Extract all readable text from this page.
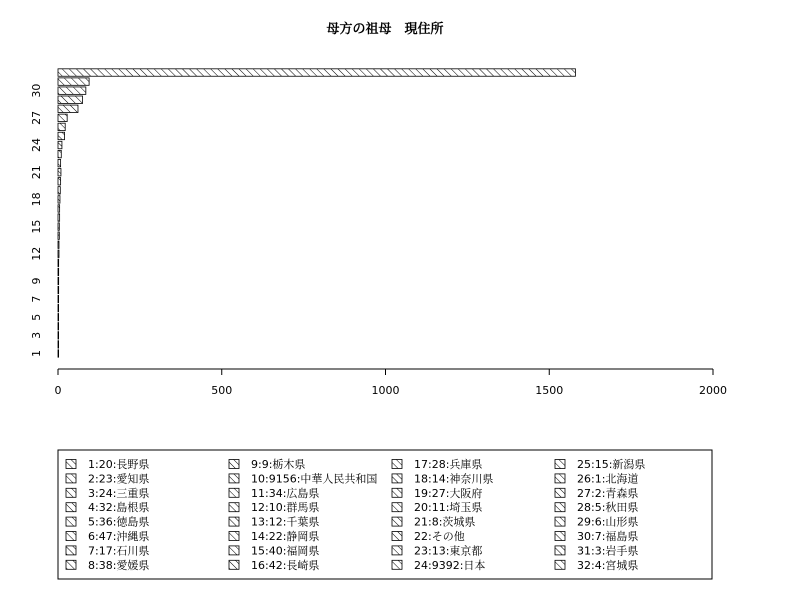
母方の祖母　現住所
0	500	1000	1500	2000
1
3
5
7
9
12
15
18
21
24
27
30
1:20:長野県	9:9:栃木県	17:28:兵庫県	25:15:新潟県
2:23:愛知県	10:9156:中華人民共和国	18:14:神奈川県	26:1:北海道
3:24:三重県	11:34:広島県	19:27:大阪府	27:2:青森県
4:32:島根県	12:10:群馬県	20:11:埼玉県	28:5:秋田県
5:36:徳島県	13:12:千葉県	21:8:茨城県	29:6:山形県
6:47:沖縄県	14:22:静岡県	22:その他	30:7:福島県
7:17:石川県	15:40:福岡県	23:13:東京都	31:3:岩手県
8:38:愛媛県	16:42:長崎県	24:9392:日本	32:4:宮城県
